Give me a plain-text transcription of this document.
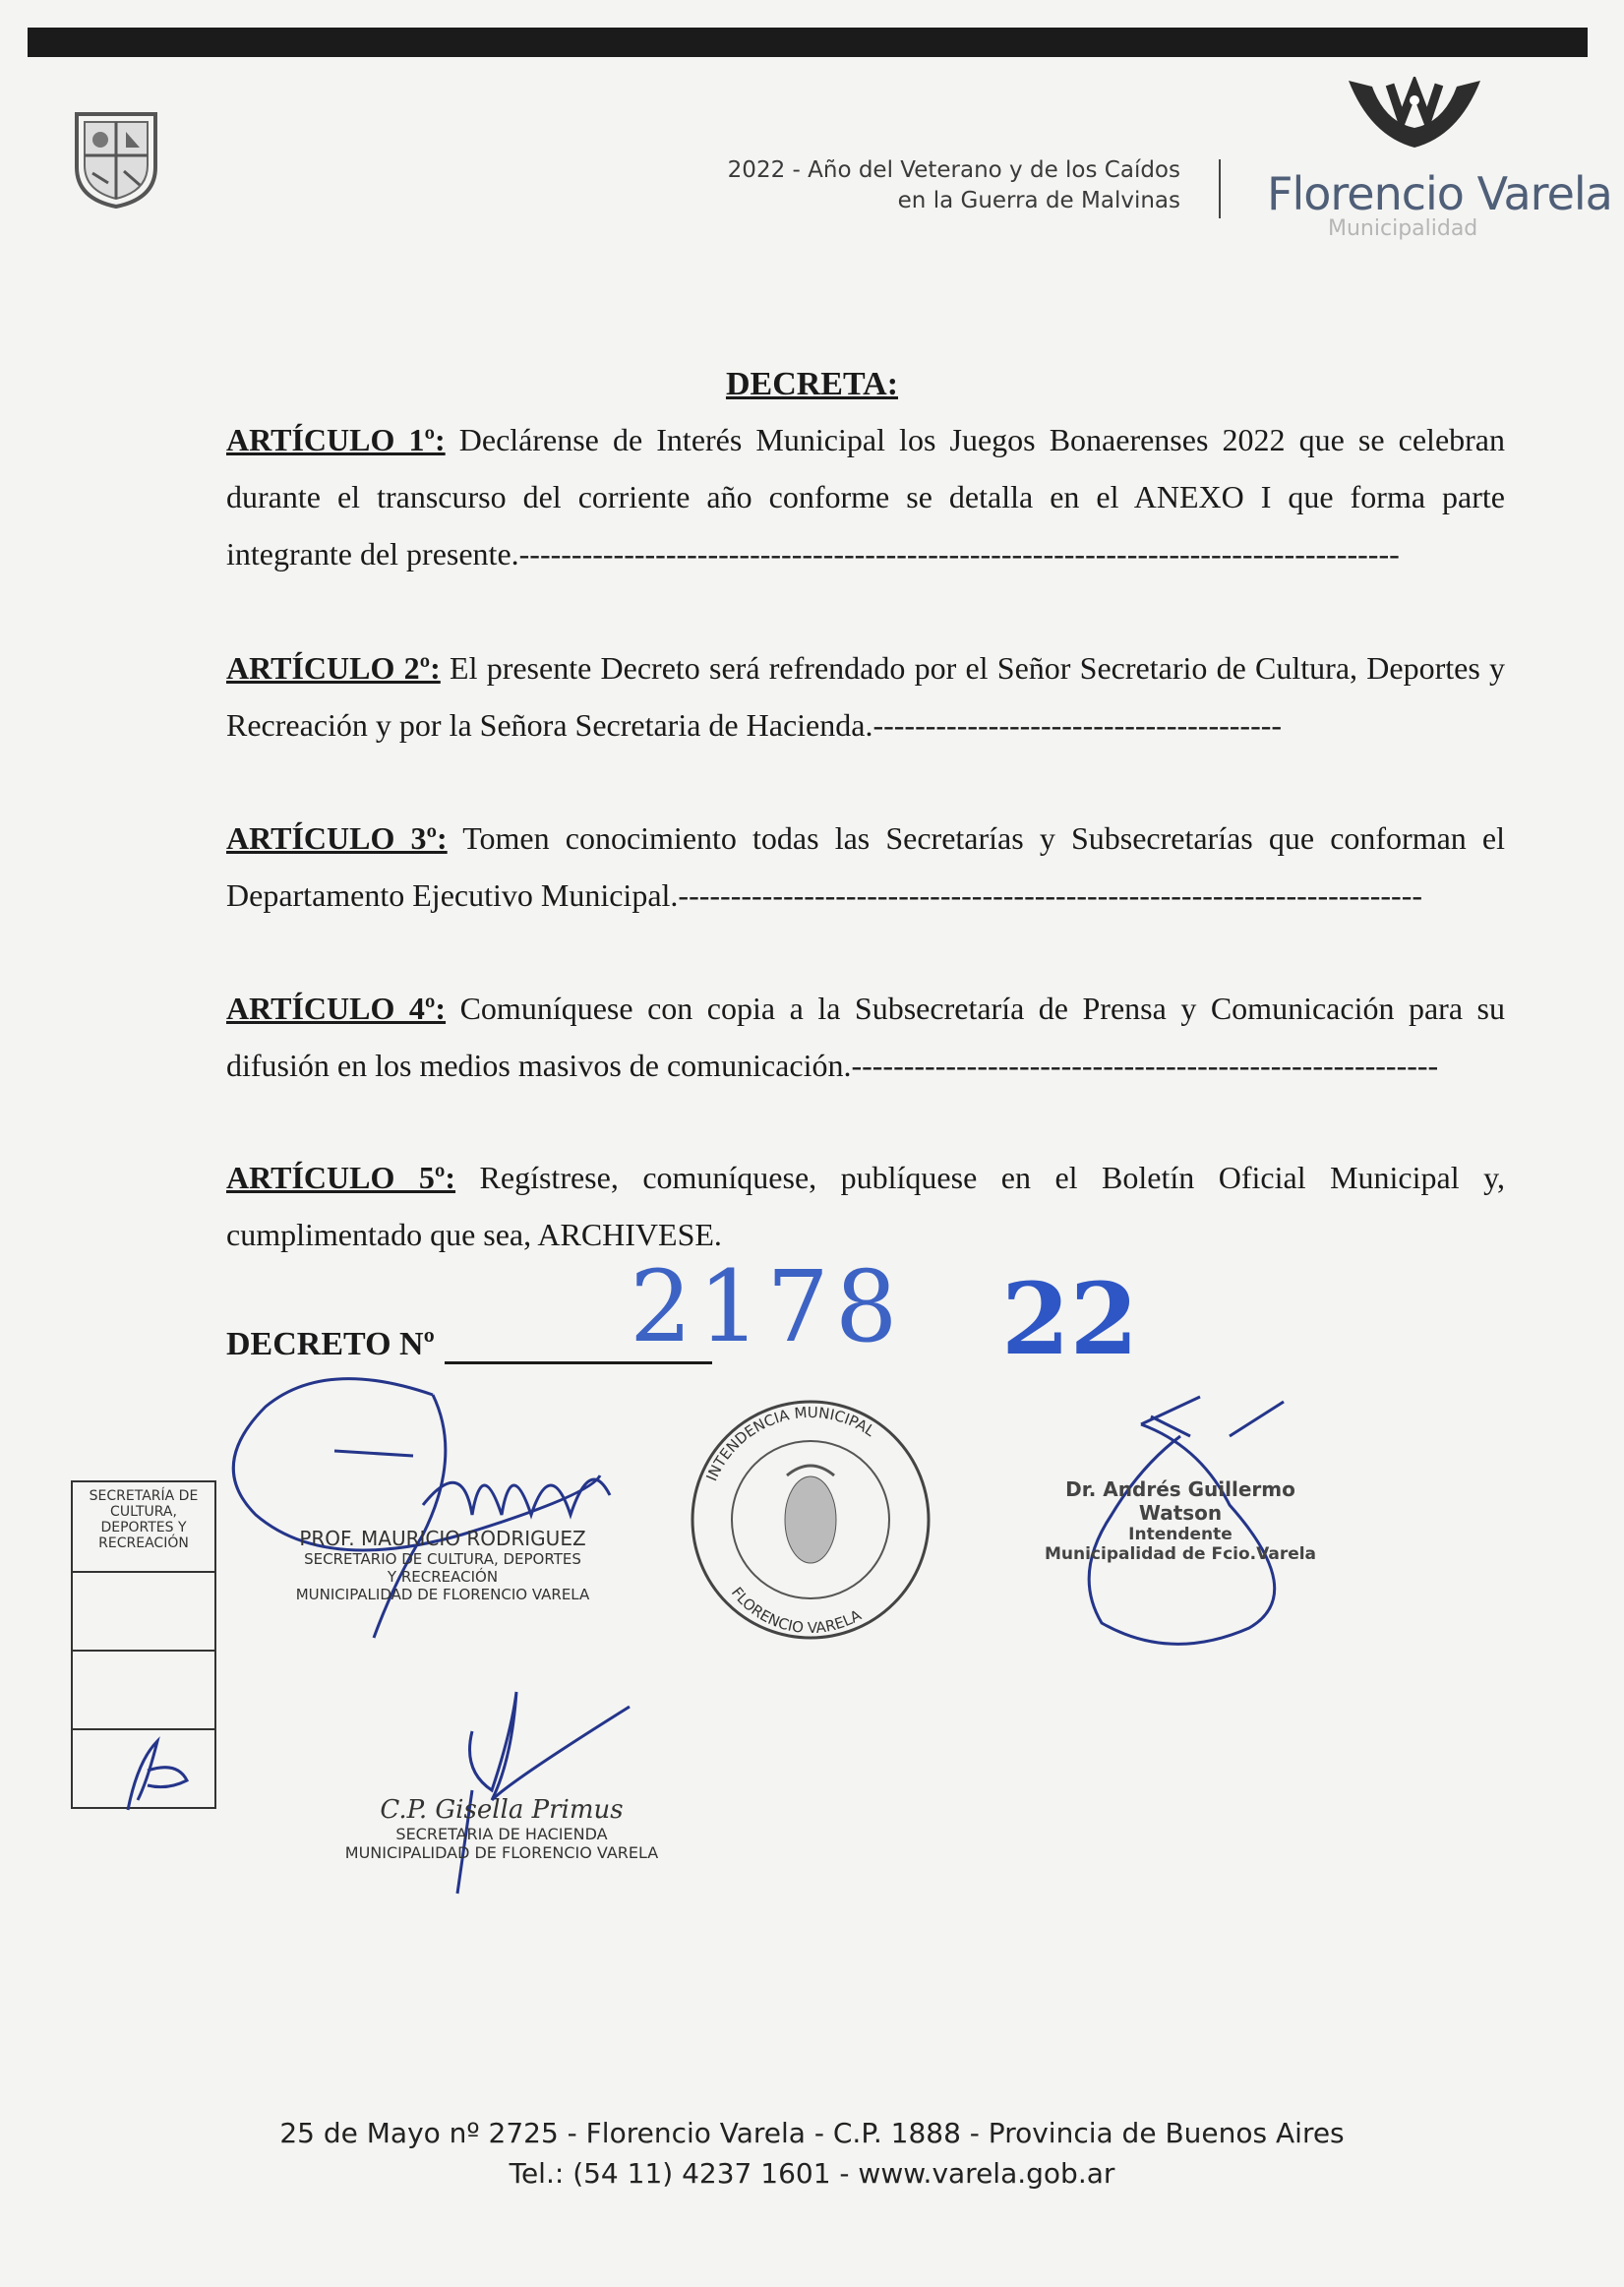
2022 - Año del Veterano y de los Caídos
en la Guerra de Malvinas Florencio Varela
Municipalidad
DECRETA:
ARTÍCULO 1º: Declárense de Interés Municipal los Juegos Bonaerenses 2022 que se celebran durante el transcurso del corriente año conforme se detalla en el ANEXO I que forma parte integrante del presente.------------------------------------------------------------------------------------
ARTÍCULO 2º: El presente Decreto será refrendado por el Señor Secretario de Cultura, Deportes y Recreación y por la Señora Secretaria de Hacienda.---------------------------------------
ARTÍCULO 3º: Tomen conocimiento todas las Secretarías y Subsecretarías que conforman el Departamento Ejecutivo Municipal.-----------------------------------------------------------------------
ARTÍCULO 4º: Comuníquese con copia a la Subsecretaría de Prensa y Comunicación para su difusión en los medios masivos de comunicación.--------------------------------------------------------
ARTÍCULO 5º: Regístrese, comuníquese, publíquese en el Boletín Oficial Municipal y, cumplimentado que sea, ARCHIVESE.
DECRETO Nº 2178 22
SECRETARÍA DE CULTURA, DEPORTES Y RECREACIÓN
INTENDENCIA MUNICIPAL
FLORENCIO VARELA
PROF. MAURICIO RODRIGUEZ
SECRETARIO DE CULTURA, DEPORTES
Y RECREACIÓN
MUNICIPALIDAD DE FLORENCIO VARELA
Dr. Andrés Guillermo Watson
Intendente
Municipalidad de Fcio.Varela
C.P. Gisella Primus
SECRETARIA DE HACIENDA
MUNICIPALIDAD DE FLORENCIO VARELA
25 de Mayo nº 2725 - Florencio Varela - C.P. 1888 - Provincia de Buenos Aires
Tel.: (54 11) 4237 1601 - www.varela.gob.ar
